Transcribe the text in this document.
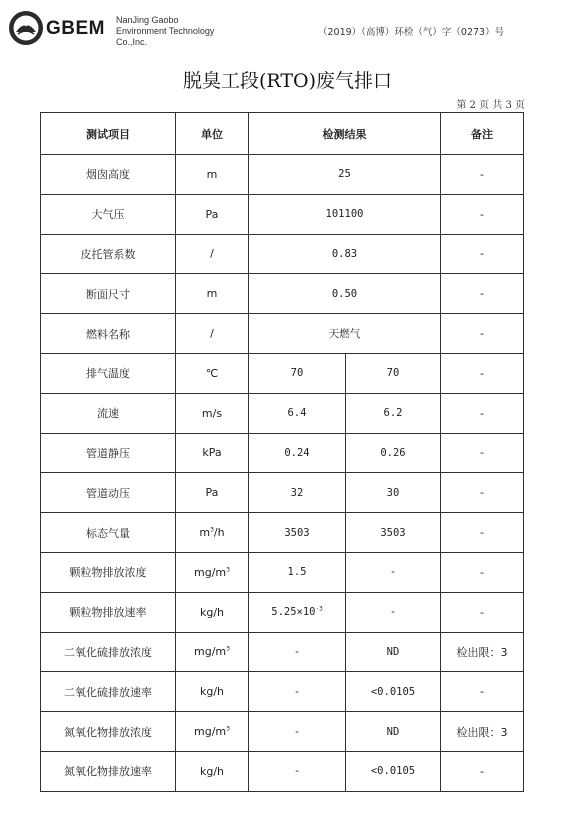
GBEM NanJing Gaobo
Environment Technology
Co.,Inc.
（2019）（高博）环检（气）字（0273）号
脱臭工段(RTO)废气排口
第 2 页 共 3 页
测试项目	单位	检测结果		备注
烟囱高度	m	25		-
大气压	Pa	101100		-
皮托管系数	/	0.83		-
断面尺寸	m	0.50		-
燃料名称	/	天燃气		-
排气温度	℃	70	70	-
流速	m/s	6.4	6.2	-
管道静压	kPa	0.24	0.26	-
管道动压	Pa	32	30	-
标态气量	$m^3/h$	3503	3503	-
颗粒物排放浓度	$mg/m^3$	1.5	-	-
颗粒物排放速率	kg/h	$5.25\times 10^{-3}$	-	-
二氧化硫排放浓度	$mg/m^3$	-	ND	检出限：3
二氧化硫排放速率	kg/h	-	<0.0105	-
氮氧化物排放浓度	$mg/m^3$	-	ND	检出限：3
氮氧化物排放速率	kg/h	-	<0.0105	-
